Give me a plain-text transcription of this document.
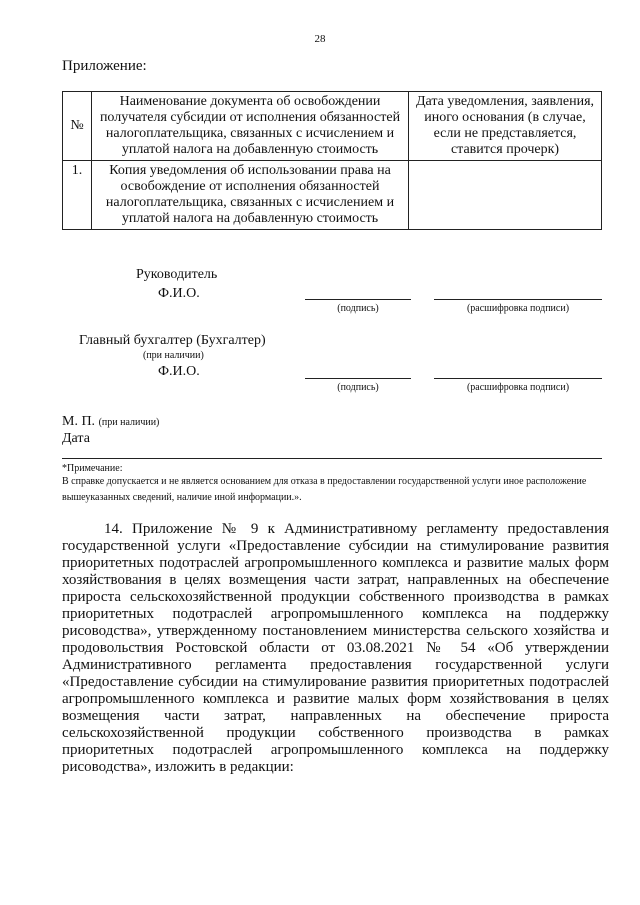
28
Приложение:
№	Наименование документа об освобождении получателя субсидии от исполнения обязанностей налогоплательщика, связанных с исчислением и уплатой налога на добавленную стоимость	Дата уведомления, заявления, иного основания (в случае, если не представляется, ставится прочерк)
1.	Копия уведомления об использовании права на освобождение от исполнения обязанностей налогоплательщика, связанных с исчислением и уплатой налога на добавленную стоимость	
Руководитель
Ф.И.О.
(подпись)	(расшифровка подписи)
Главный бухгалтер (Бухгалтер)
(при наличии)
Ф.И.О.
(подпись)	(расшифровка подписи)
М. П. (при наличии)
Дата
*Примечание:
В справке допускается и не является основанием для отказа в предоставлении государственной услуги иное расположение вышеуказанных сведений, наличие иной информации.».

14. Приложение № 9 к Административному регламенту предоставления государственной услуги «Предоставление субсидии на стимулирование развития приоритетных подотраслей агропромышленного комплекса и развитие малых форм хозяйствования в целях возмещения части затрат, направленных на обеспечение прироста сельскохозяйственной продукции собственного производства в рамках приоритетных подотраслей агропромышленного комплекса на поддержку рисоводства», утвержденному постановлением министерства сельского хозяйства и продовольствия Ростовской области от 03.08.2021 № 54 «Об утверждении Административного регламента предоставления государственной услуги «Предоставление субсидии на стимулирование развития приоритетных подотраслей агропромышленного комплекса и развитие малых форм хозяйствования в целях возмещения части затрат, направленных на обеспечение прироста сельскохозяйственной продукции собственного производства в рамках приоритетных подотраслей агропромышленного комплекса на поддержку рисоводства», изложить в редакции:
